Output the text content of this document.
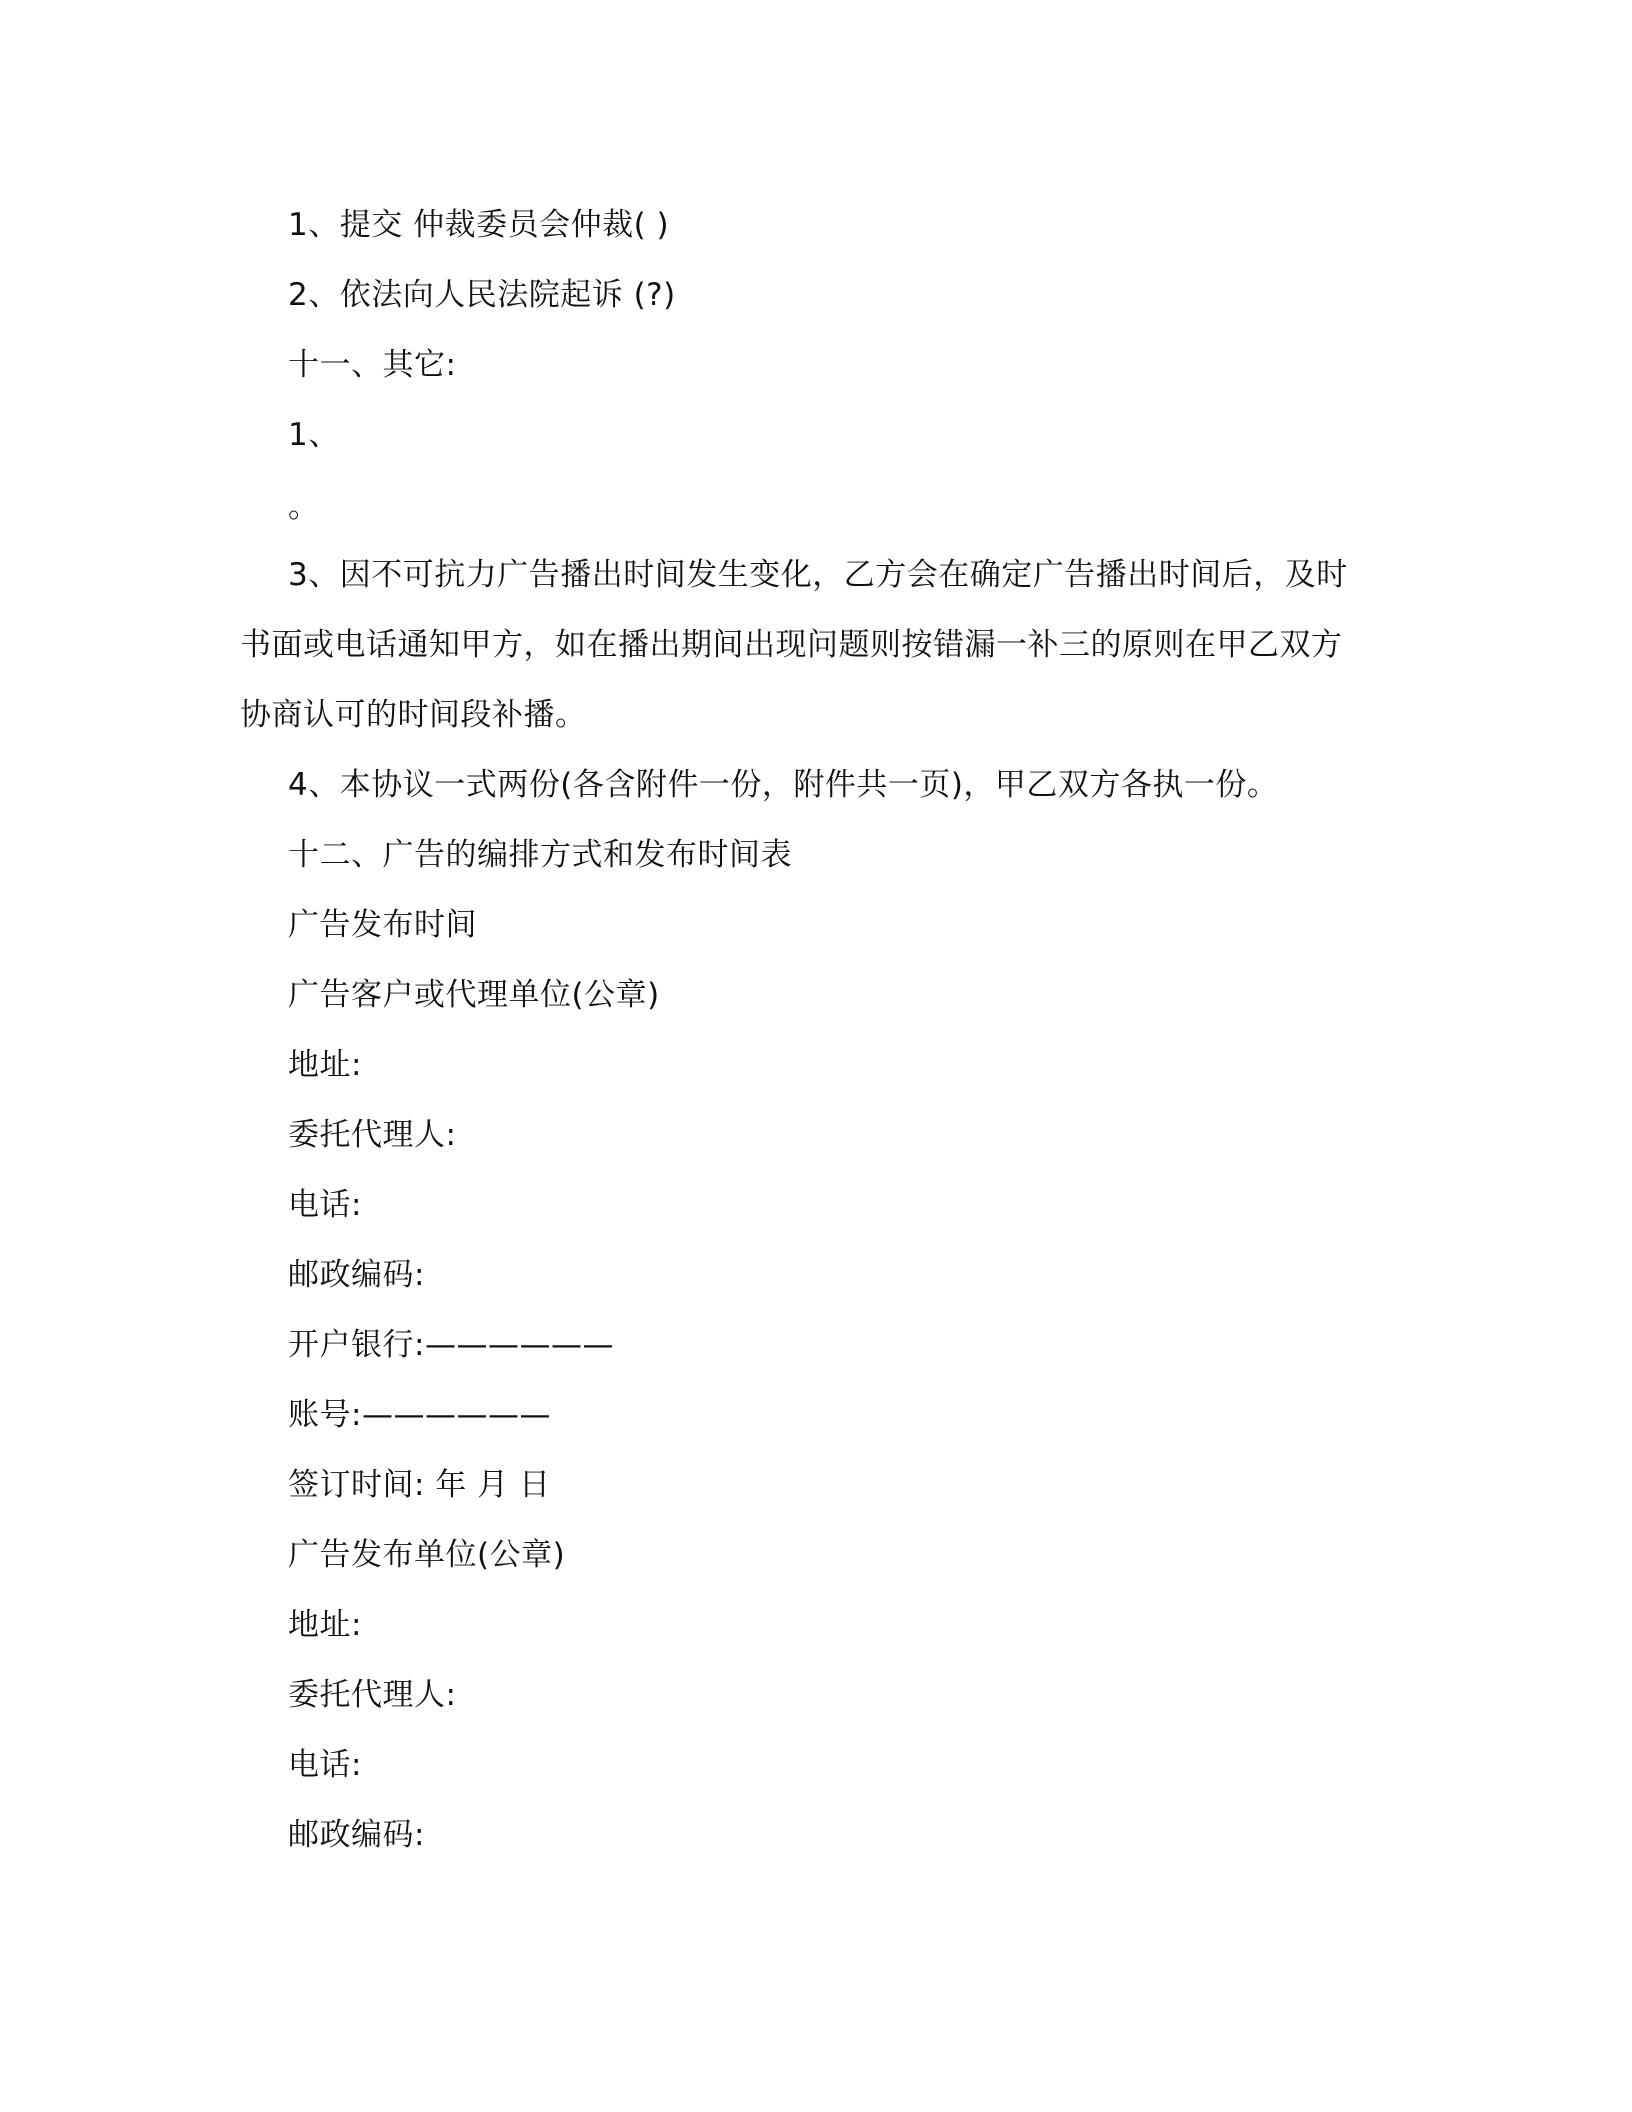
1、提交 仲裁委员会仲裁( )
2、依法向人民法院起诉 (?)
十一、其它:
1、
。
3、因不可抗力广告播出时间发生变化，乙方会在确定广告播出时间后，及时
书面或电话通知甲方，如在播出期间出现问题则按错漏一补三的原则在甲乙双方
协商认可的时间段补播。
4、本协议一式两份(各含附件一份，附件共一页)，甲乙双方各执一份。
十二、广告的编排方式和发布时间表
广告发布时间
广告客户或代理单位(公章)
地址:
委托代理人:
电话:
邮政编码:
开户银行:——————
账号:——————
签订时间: 年 月 日
广告发布单位(公章)
地址:
委托代理人:
电话:
邮政编码:
